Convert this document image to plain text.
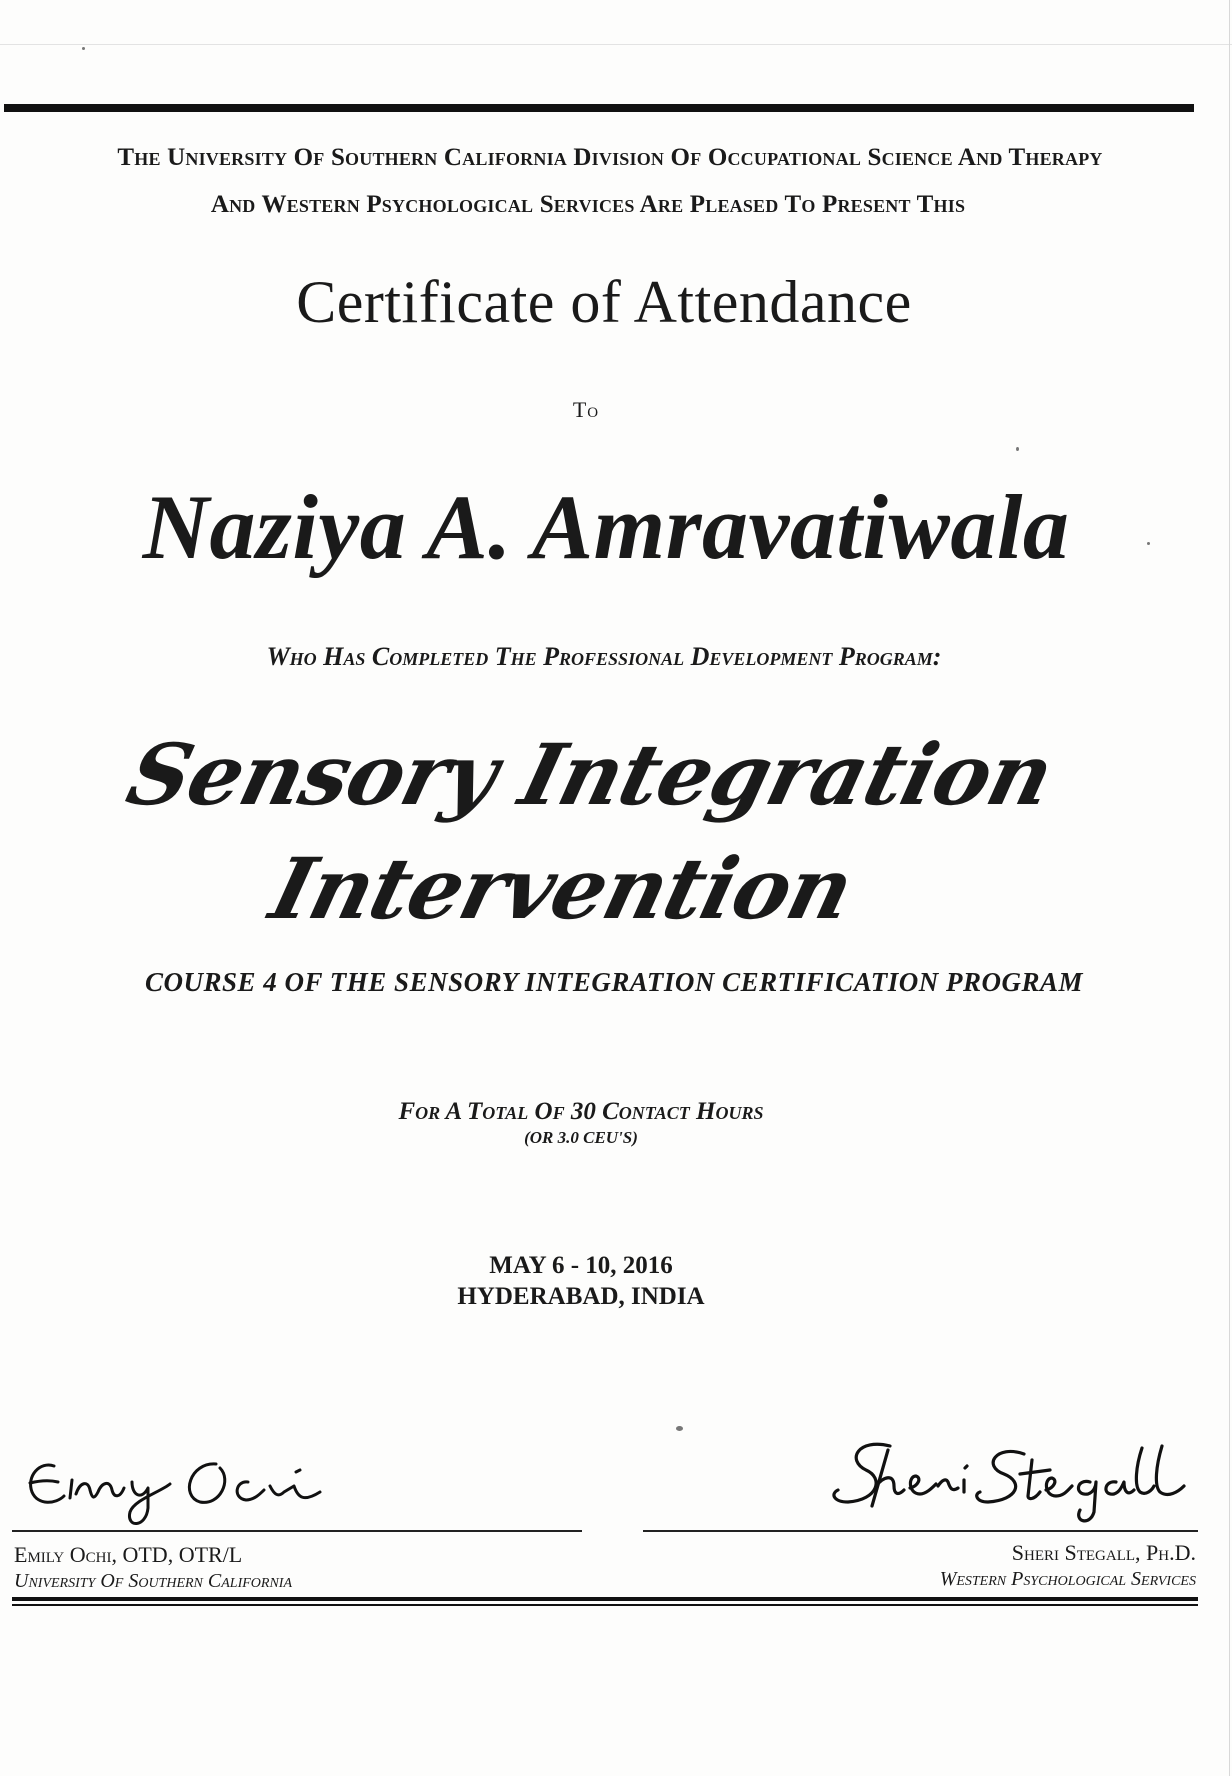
The University Of Southern California Division Of Occupational Science And Therapy
And Western Psychological Services Are Pleased To Present This
Certificate of Attendance
To
Naziya A. Amravatiwala
Who Has Completed The Professional Development Program:
Sensory Integration
Intervention
COURSE 4 OF THE SENSORY INTEGRATION CERTIFICATION PROGRAM
For A Total Of 30 Contact Hours
(OR 3.0 CEU'S)
MAY 6 - 10, 2016
HYDERABAD, INDIA
Emily Ochi, OTD, OTR/L
University Of Southern California
Sheri Stegall, Ph.D.
Western Psychological Services
